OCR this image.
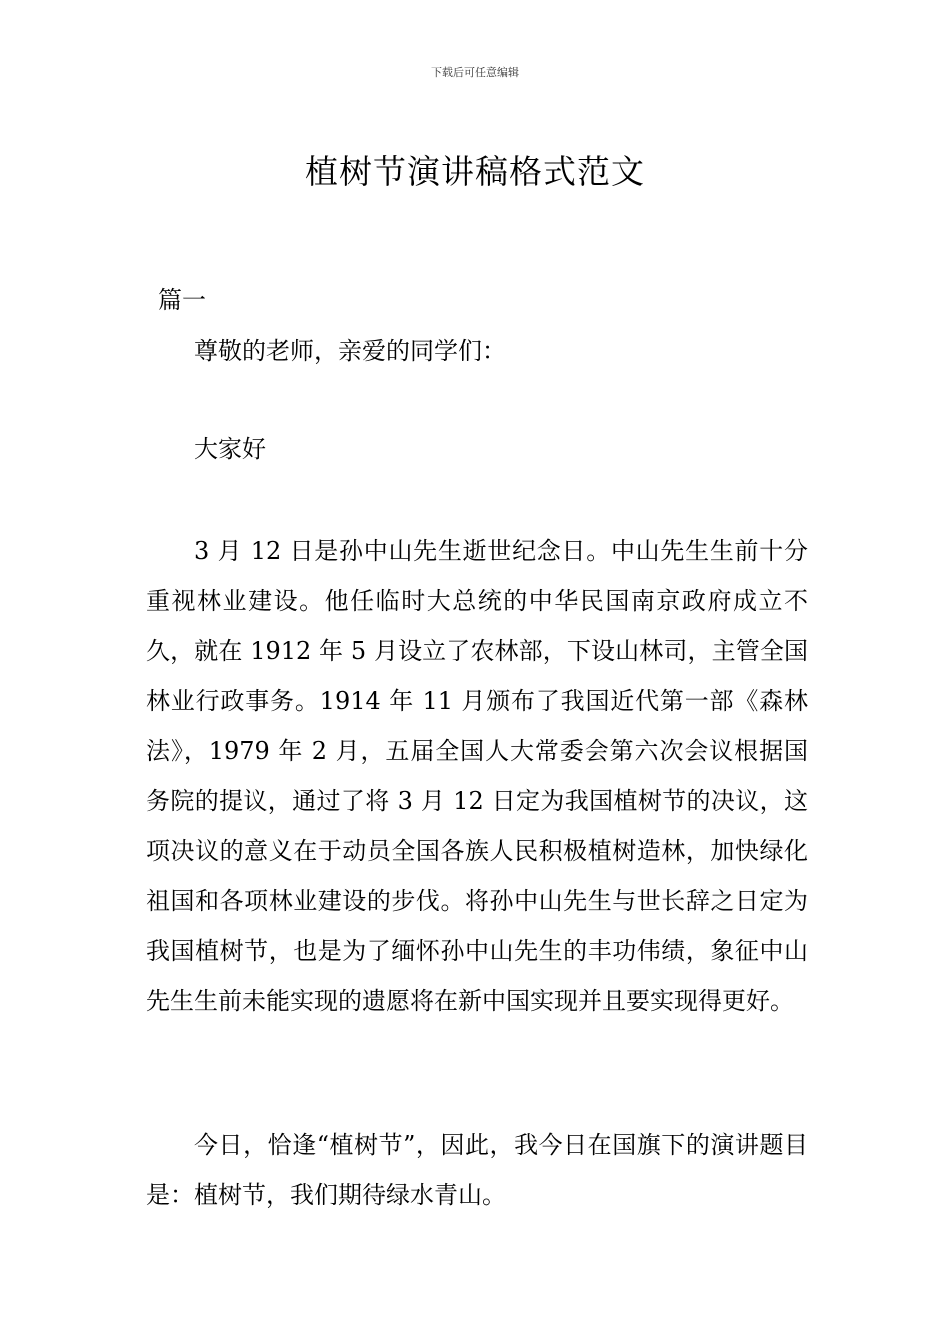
下载后可任意编辑
植树节演讲稿格式范文
篇一

尊敬的老师，亲爱的同学们：

大家好

3 月 12 日是孙中山先生逝世纪念日。中山先生生前十分重视林业建设。他任临时大总统的中华民国南京政府成立不久，就在 1912 年 5 月设立了农林部，下设山林司，主管全国林业行政事务。1914 年 11 月颁布了我国近代第一部《森林法》，1979 年 2 月，五届全国人大常委会第六次会议根据国务院的提议，通过了将 3 月 12 日定为我国植树节的决议，这项决议的意义在于动员全国各族人民积极植树造林，加快绿化祖国和各项林业建设的步伐。将孙中山先生与世长辞之日定为我国植树节，也是为了缅怀孙中山先生的丰功伟绩，象征中山先生生前未能实现的遗愿将在新中国实现并且要实现得更好。

今日，恰逢“植树节”，因此，我今日在国旗下的演讲题目是：植树节，我们期待绿水青山。
